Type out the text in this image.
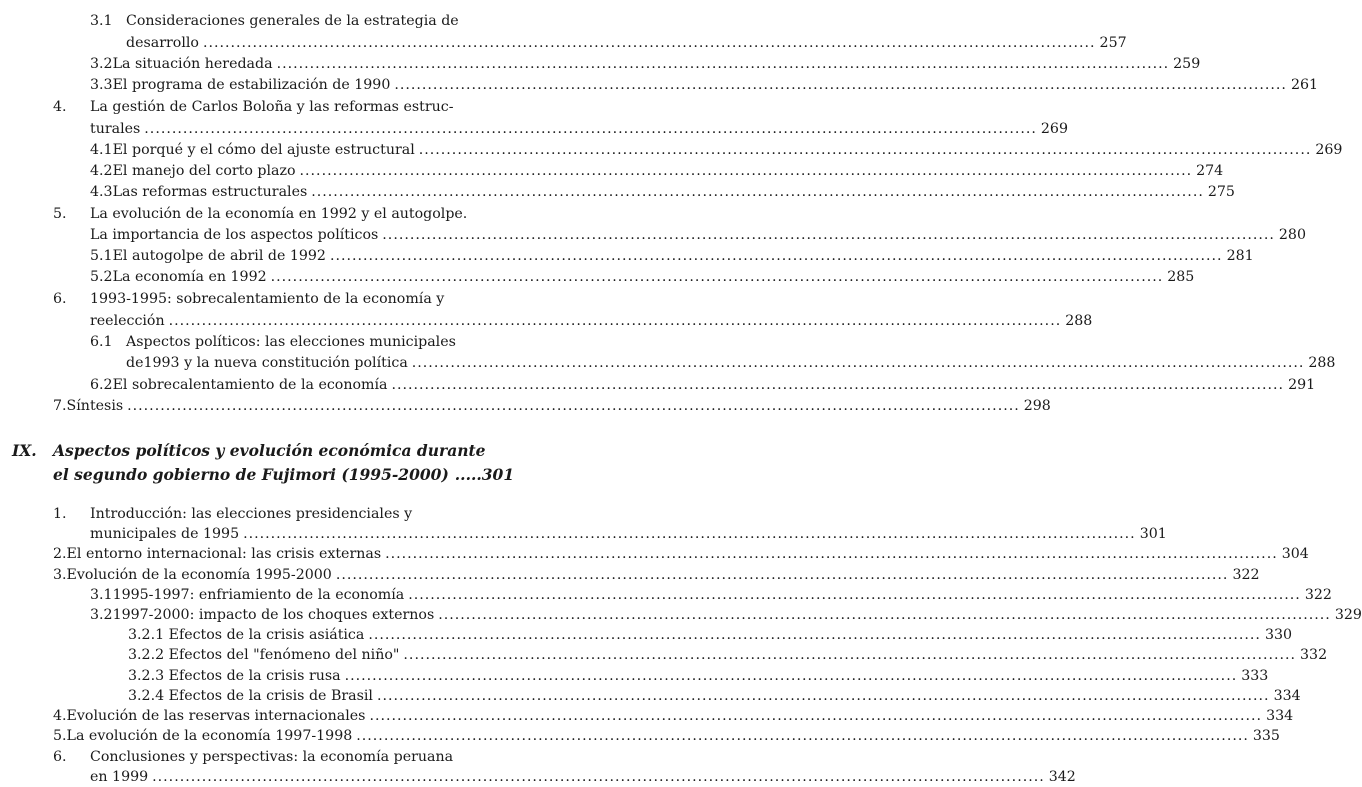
3.1 Consideraciones generales de la estrategia de
desarrollo .....	257
3.2 La situación heredada .....	259
3.3 El programa de estabilización de 1990 .....	261
4.	La gestión de Carlos Boloña y las reformas estruc-
turales .....	269
4.1 El porqué y el cómo del ajuste estructural .....	269
4.2 El manejo del corto plazo .....	274
4.3 Las reformas estructurales .....	275
5.	La evolución de la economía en 1992 y el autogolpe.
La importancia de los aspectos políticos .....	280
5.1 El autogolpe de abril de 1992 .....	281
5.2 La economía en 1992 .....	285
6.	1993-1995: sobrecalentamiento de la economía y
reelección .....	288
6.1 Aspectos políticos: las elecciones municipales
de1993 y la nueva constitución política .....	288
6.2 El sobrecalentamiento de la economía .....	291
7. Síntesis .....	298
IX. Aspectos políticos y evolución económica durante
el segundo gobierno de Fujimori (1995-2000) ..... 301
1.	Introducción: las elecciones presidenciales y
municipales de 1995 .....	301
2. El entorno internacional: las crisis externas .....	304
3. Evolución de la economía 1995-2000 .....	322
3.1 1995-1997: enfriamiento de la economía .....	322
3.2 1997-2000: impacto de los choques externos .....	329
3.2.1 Efectos de la crisis asiática .....	330
3.2.2 Efectos del "fenómeno del niño" .....	332
3.2.3 Efectos de la crisis rusa .....	333
3.2.4 Efectos de la crisis de Brasil .....	334
4. Evolución de las reservas internacionales .....	334
5. La evolución de la economía 1997-1998 .....	335
6.	Conclusiones y perspectivas: la economía peruana
en 1999 .....	342
